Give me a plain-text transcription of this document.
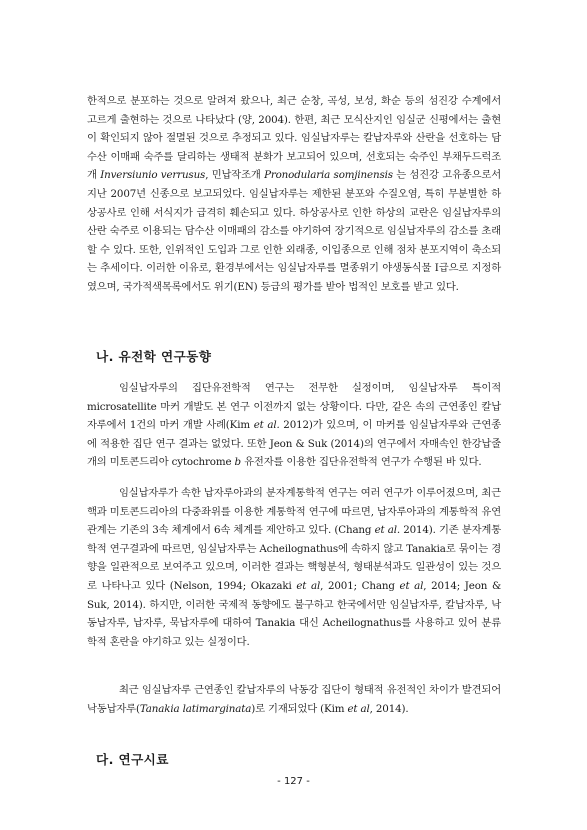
한적으로 분포하는 것으로 알려져 왔으나, 최근 순창, 곡성, 보성, 화순 등의 섬진강 수계에서 고르게 출현하는 것으로 나타났다 (양, 2004). 한편, 최근 모식산지인 임실군 신평에서는 출현이 확인되지 않아 절멸된 것으로 추정되고 있다. 임실납자루는 칼납자루와 산란을 선호하는 담수산 이매패 숙주를 달리하는 생태적 분화가 보고되어 있으며, 선호되는 숙주인 부채두드럭조개 Inversiunio verrusus, 민납작조개 Pronodularia somjinensis 는 섬진강 고유종으로서 지난 2007년 신종으로 보고되었다. 임실납자루는 제한된 분포와 수질오염, 특히 무분별한 하상공사로 인해 서식지가 급격히 훼손되고 있다. 하상공사로 인한 하상의 교란은 임실납자루의 산란 숙주로 이용되는 담수산 이매패의 감소를 야기하여 장기적으로 임실납자루의 감소를 초래할 수 있다. 또한, 인위적인 도입과 그로 인한 외래종, 이입종으로 인해 점차 분포지역이 축소되는 추세이다. 이러한 이유로, 환경부에서는 임실납자루를 멸종위기 야생동식물 I급으로 지정하였으며, 국가적색목록에서도 위기(EN) 등급의 평가를 받아 법적인 보호를 받고 있다.

나. 유전학 연구동향

임실납자루의 집단유전학적 연구는 전무한 실정이며, 임실납자루 특이적 microsatellite 마커 개발도 본 연구 이전까지 없는 상황이다. 다만, 같은 속의 근연종인 칼납자루에서 1건의 마커 개발 사례(Kim et al. 2012)가 있으며, 이 마커를 임실납자루와 근연종에 적용한 집단 연구 결과는 없었다. 또한 Jeon & Suk (2014)의 연구에서 자매속인 한강납줄개의 미토콘드리아 cytochrome b 유전자를 이용한 집단유전학적 연구가 수행된 바 있다.

임실납자루가 속한 납자루아과의 분자계통학적 연구는 여러 연구가 이루어졌으며, 최근 핵과 미토콘드리아의 다중좌위를 이용한 계통학적 연구에 따르면, 납자루아과의 계통학적 유연관계는 기존의 3속 체계에서 6속 체계를 제안하고 있다. (Chang et al. 2014). 기존 분자계통학적 연구결과에 따르면, 임실납자루는 Acheilognathus에 속하지 않고 Tanakia로 묶이는 경향을 일관적으로 보여주고 있으며, 이러한 결과는 핵형분석, 형태분석과도 일관성이 있는 것으로 나타나고 있다 (Nelson, 1994; Okazaki et al, 2001; Chang et al, 2014; Jeon & Suk, 2014). 하지만, 이러한 국제적 동향에도 불구하고 한국에서만 임실납자루, 칼납자루, 낙동납자루, 납자루, 묵납자루에 대하여 Tanakia 대신 Acheilognathus를 사용하고 있어 분류학적 혼란을 야기하고 있는 실정이다.

최근 임실납자루 근연종인 칼납자루의 낙동강 집단이 형태적 유전적인 차이가 발견되어 낙동납자루(Tanakia latimarginata)로 기재되었다 (Kim et al, 2014).

다. 연구시료
- 127 -
